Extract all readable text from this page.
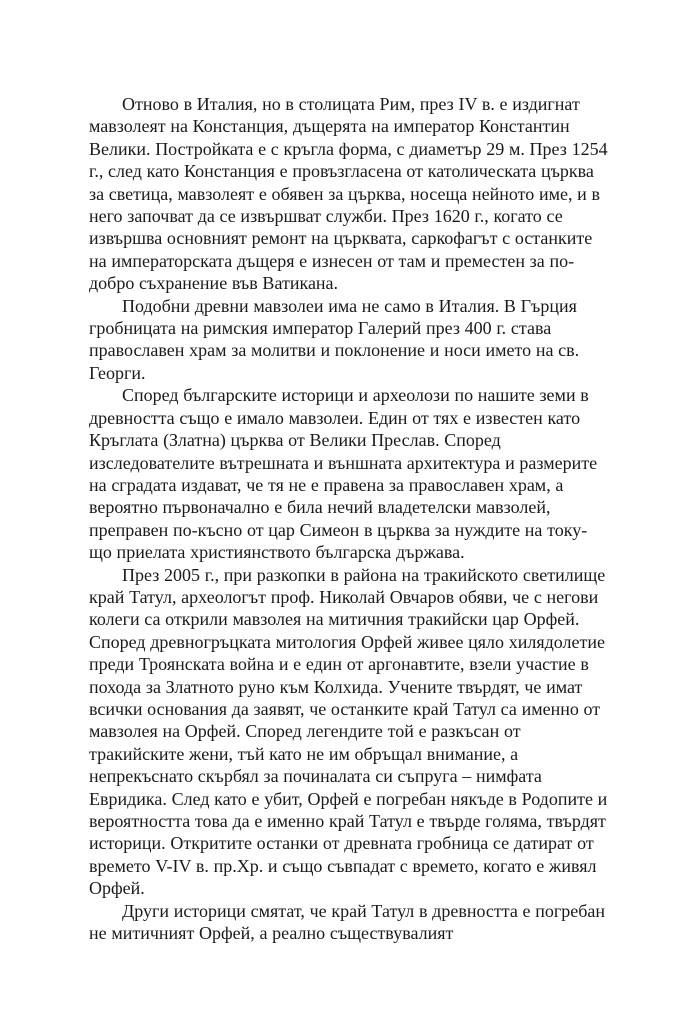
Отново в Италия, но в столицата Рим, през IV в. е издигнат мавзолеят на Констанция, дъщерята на император Константин Велики. Постройката е с кръгла форма, с диаметър 29 м. През 1254 г., след като Констанция е провъзгласена от католическата църква за светица, мавзолеят е обявен за църква, носеща нейното име, и в него започват да се извършват служби. През 1620 г., когато се извършва основният ремонт на църквата, саркофагът с останките на императорската дъщеря е изнесен от там и преместен за по-добро съхранение във Ватикана.

Подобни древни мавзолеи има не само в Италия. В Гърция гробницата на римския император Галерий през 400 г. става православен храм за молитви и поклонение и носи името на св. Георги.

Според българските историци и археолози по нашите земи в древността също е имало мавзолеи. Един от тях е известен като Кръглата (Златна) църква от Велики Преслав. Според изследователите вътрешната и външната архитектура и размерите на сградата издават, че тя не е правена за православен храм, а вероятно първоначално е била нечий владетелски мавзолей, преправен по-късно от цар Симеон в църква за нуждите на току-що приелата християнството българска държава.

През 2005 г., при разкопки в района на тракийското светилище край Татул, археологът проф. Николай Овчаров обяви, че с негови колеги са открили мавзолея на митичния тракийски цар Орфей. Според древногръцката митология Орфей живее цяло хилядолетие преди Троянската война и е един от аргонавтите, взели участие в похода за Златното руно към Колхида. Учените твърдят, че имат всички основания да заявят, че останките край Татул са именно от мавзолея на Орфей. Според легендите той е разкъсан от тракийските жени, тъй като не им обръщал внимание, а непрекъснато скърбял за починалата си съпруга – нимфата Евридика. След като е убит, Орфей е погребан някъде в Родопите и вероятността това да е именно край Татул е твърде голяма, твърдят историци. Откритите останки от древната гробница се датират от времето V-IV в. пр.Хр. и също съвпадат с времето, когато е живял Орфей.

Други историци смятат, че край Татул в древността е погребан не митичният Орфей, а реално съществувалият
